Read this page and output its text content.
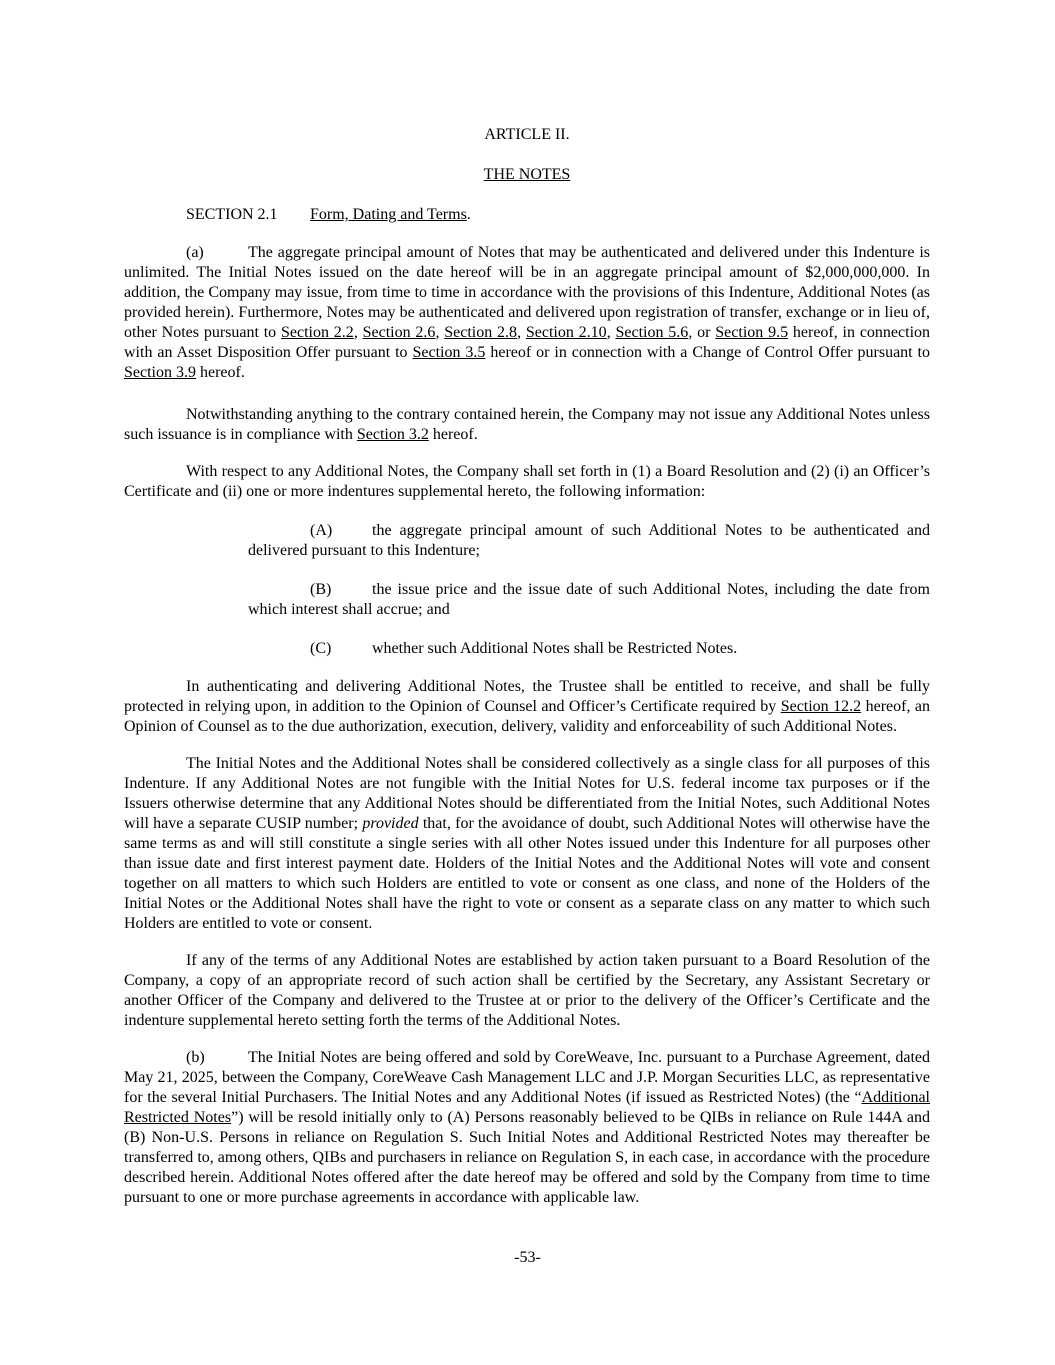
ARTICLE II.

THE NOTES

SECTION 2.1 Form, Dating and Terms.

(a)	The aggregate principal amount of Notes that may be authenticated and delivered under this Indenture is unlimited. The Initial Notes issued on the date hereof will be in an aggregate principal amount of $2,000,000,000. In addition, the Company may issue, from time to time in accordance with the provisions of this Indenture, Additional Notes (as provided herein). Furthermore, Notes may be authenticated and delivered upon registration of transfer, exchange or in lieu of, other Notes pursuant to Section 2.2, Section 2.6, Section 2.8, Section 2.10, Section 5.6, or Section 9.5 hereof, in connection with an Asset Disposition Offer pursuant to Section 3.5 hereof or in connection with a Change of Control Offer pursuant to Section 3.9 hereof.

Notwithstanding anything to the contrary contained herein, the Company may not issue any Additional Notes unless such issuance is in compliance with Section 3.2 hereof.

With respect to any Additional Notes, the Company shall set forth in (1) a Board Resolution and (2) (i) an Officer’s Certificate and (ii) one or more indentures supplemental hereto, the following information:

(A) the aggregate principal amount of such Additional Notes to be authenticated and delivered pursuant to this Indenture;

(B)	the issue price and the issue date of such Additional Notes, including the date from which interest shall accrue; and

(C)	whether such Additional Notes shall be Restricted Notes.

In authenticating and delivering Additional Notes, the Trustee shall be entitled to receive, and shall be fully protected in relying upon, in addition to the Opinion of Counsel and Officer’s Certificate required by Section 12.2 hereof, an Opinion of Counsel as to the due authorization, execution, delivery, validity and enforceability of such Additional Notes.

The Initial Notes and the Additional Notes shall be considered collectively as a single class for all purposes of this Indenture. If any Additional Notes are not fungible with the Initial Notes for U.S. federal income tax purposes or if the Issuers otherwise determine that any Additional Notes should be differentiated from the Initial Notes, such Additional Notes will have a separate CUSIP number; provided that, for the avoidance of doubt, such Additional Notes will otherwise have the same terms as and will still constitute a single series with all other Notes issued under this Indenture for all purposes other than issue date and first interest payment date. Holders of the Initial Notes and the Additional Notes will vote and consent together on all matters to which such Holders are entitled to vote or consent as one class, and none of the Holders of the Initial Notes or the Additional Notes shall have the right to vote or consent as a separate class on any matter to which such Holders are entitled to vote or consent.

If any of the terms of any Additional Notes are established by action taken pursuant to a Board Resolution of the Company, a copy of an appropriate record of such action shall be certified by the Secretary, any Assistant Secretary or another Officer of the Company and delivered to the Trustee at or prior to the delivery of the Officer’s Certificate and the indenture supplemental hereto setting forth the terms of the Additional Notes.

(b)	The Initial Notes are being offered and sold by CoreWeave, Inc. pursuant to a Purchase Agreement, dated May 21, 2025, between the Company, CoreWeave Cash Management LLC and J.P. Morgan Securities LLC, as representative for the several Initial Purchasers. The Initial Notes and any Additional Notes (if issued as Restricted Notes) (the “Additional Restricted Notes”) will be resold initially only to (A) Persons reasonably believed to be QIBs in reliance on Rule 144A and (B) Non-U.S. Persons in reliance on Regulation S. Such Initial Notes and Additional Restricted Notes may thereafter be transferred to, among others, QIBs and purchasers in reliance on Regulation S, in each case, in accordance with the procedure described herein. Additional Notes offered after the date hereof may be offered and sold by the Company from time to time pursuant to one or more purchase agreements in accordance with applicable law.

-53-
